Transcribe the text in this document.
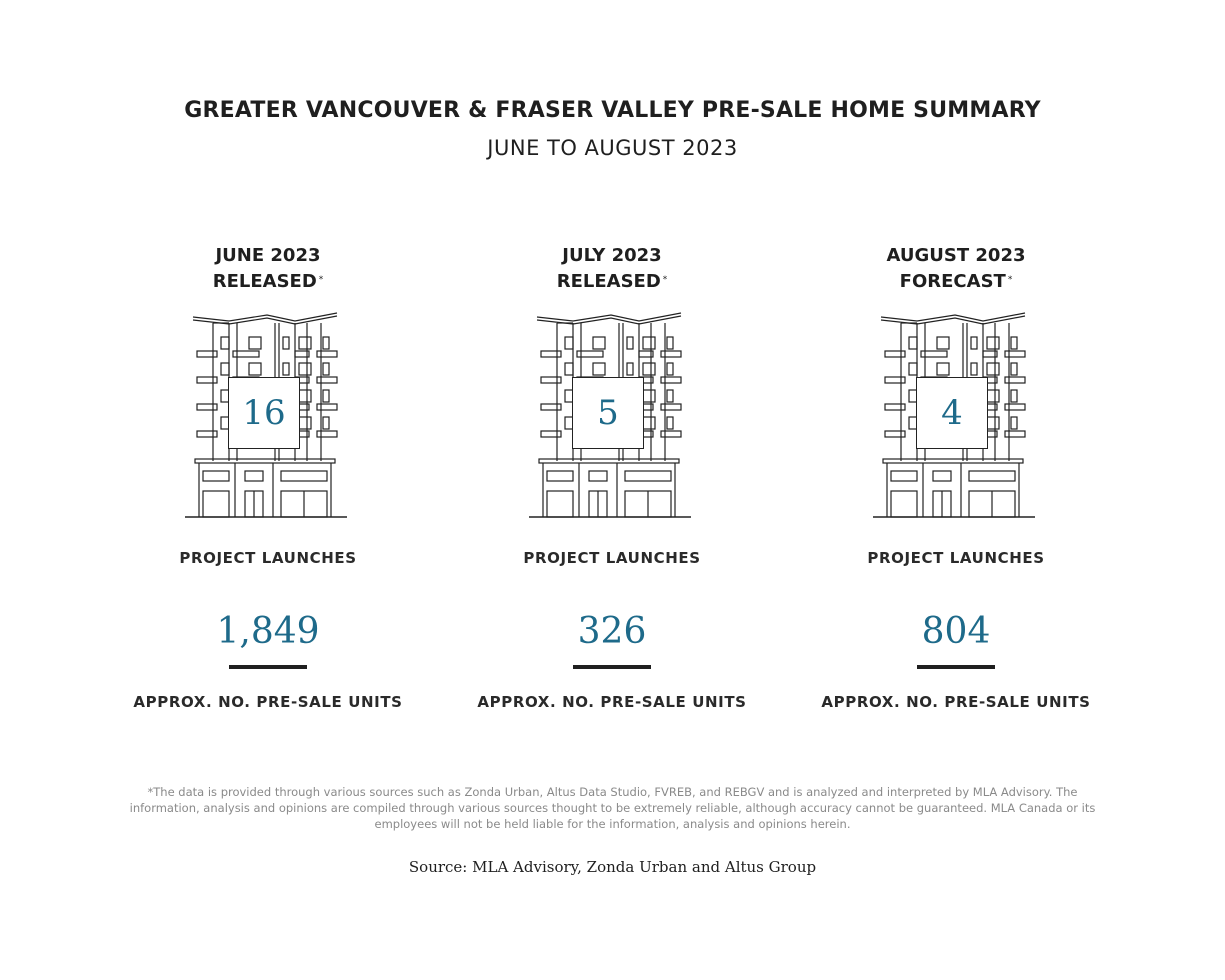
GREATER VANCOUVER & FRASER VALLEY PRE-SALE HOME SUMMARY
JUNE TO AUGUST 2023
JUNE 2023
RELEASED *
16
PROJECT LAUNCHES
1,849
APPROX. NO. PRE-SALE UNITS
JULY 2023
RELEASED *
5
PROJECT LAUNCHES
326
APPROX. NO. PRE-SALE UNITS
AUGUST 2023
FORECAST *
4
PROJECT LAUNCHES
804
APPROX. NO. PRE-SALE UNITS
*The data is provided through various sources such as Zonda Urban, Altus Data Studio, FVREB, and REBGV and is analyzed and interpreted by MLA Advisory. The information, analysis and opinions are compiled through various sources thought to be extremely reliable, although accuracy cannot be guaranteed. MLA Canada or its employees will not be held liable for the information, analysis and opinions herein.
Source: MLA Advisory, Zonda Urban and Altus Group
